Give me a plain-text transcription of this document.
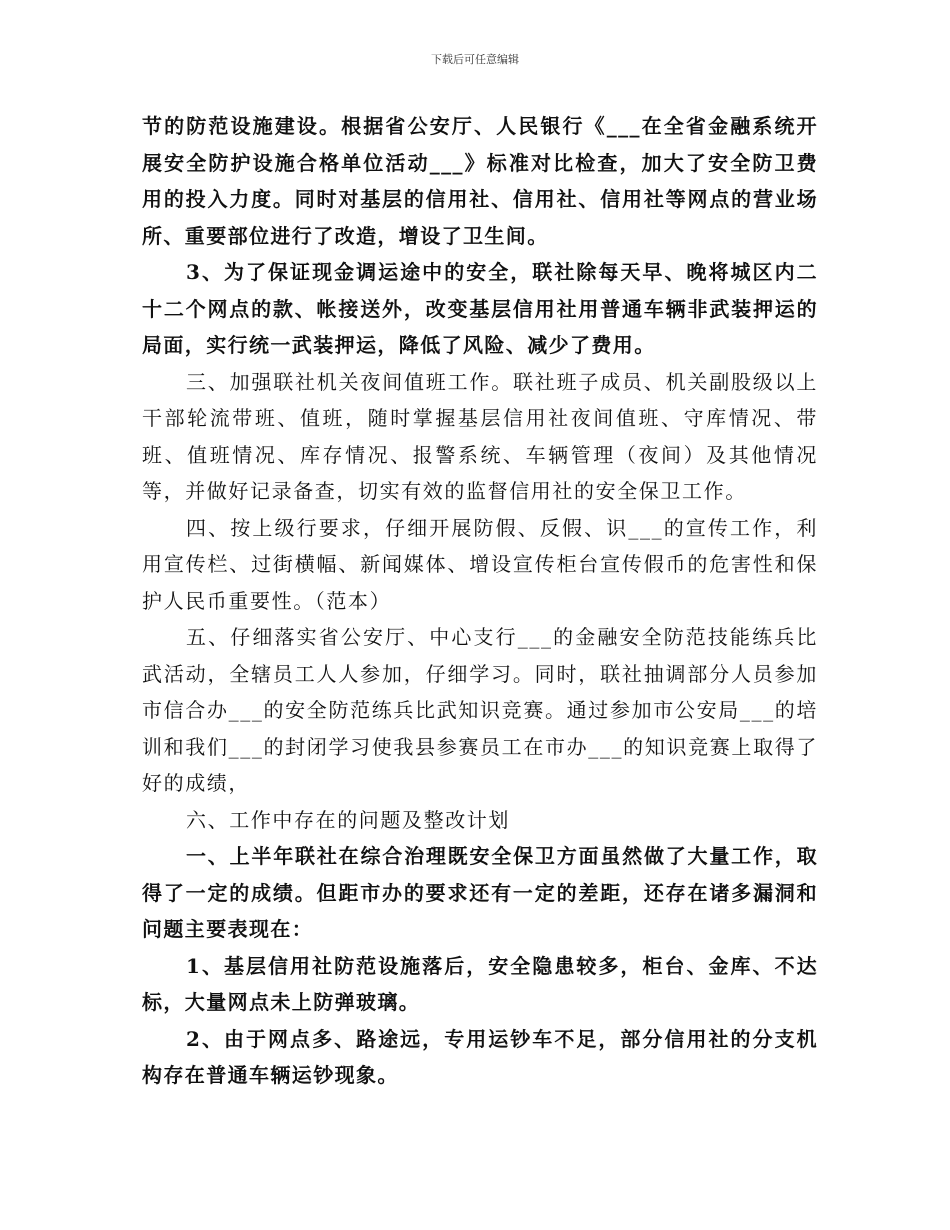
下载后可任意编辑

节的防范设施建设。根据省公安厅、人民银行《___在全省金融系统开展安全防护设施合格单位活动___》标准对比检查，加大了安全防卫费用的投入力度。同时对基层的信用社、信用社、信用社等网点的营业场所、重要部位进行了改造，增设了卫生间。

3、为了保证现金调运途中的安全，联社除每天早、晚将城区内二十二个网点的款、帐接送外，改变基层信用社用普通车辆非武装押运的局面，实行统一武装押运，降低了风险、减少了费用。

三、加强联社机关夜间值班工作。联社班子成员、机关副股级以上干部轮流带班、值班，随时掌握基层信用社夜间值班、守库情况、带班、值班情况、库存情况、报警系统、车辆管理（夜间）及其他情况等，并做好记录备查，切实有效的监督信用社的安全保卫工作。

四、按上级行要求，仔细开展防假、反假、识___的宣传工作，利用宣传栏、过街横幅、新闻媒体、增设宣传柜台宣传假币的危害性和保护人民币重要性。（范本）

五、仔细落实省公安厅、中心支行___的金融安全防范技能练兵比武活动，全辖员工人人参加，仔细学习。同时，联社抽调部分人员参加市信合办___的安全防范练兵比武知识竞赛。通过参加市公安局___的培训和我们___的封闭学习使我县参赛员工在市办___的知识竞赛上取得了好的成绩，

六、工作中存在的问题及整改计划

一、上半年联社在综合治理既安全保卫方面虽然做了大量工作，取得了一定的成绩。但距市办的要求还有一定的差距，还存在诸多漏洞和问题主要表现在：

1、基层信用社防范设施落后，安全隐患较多，柜台、金库、不达标，大量网点未上防弹玻璃。

2、由于网点多、路途远，专用运钞车不足，部分信用社的分支机构存在普通车辆运钞现象。
